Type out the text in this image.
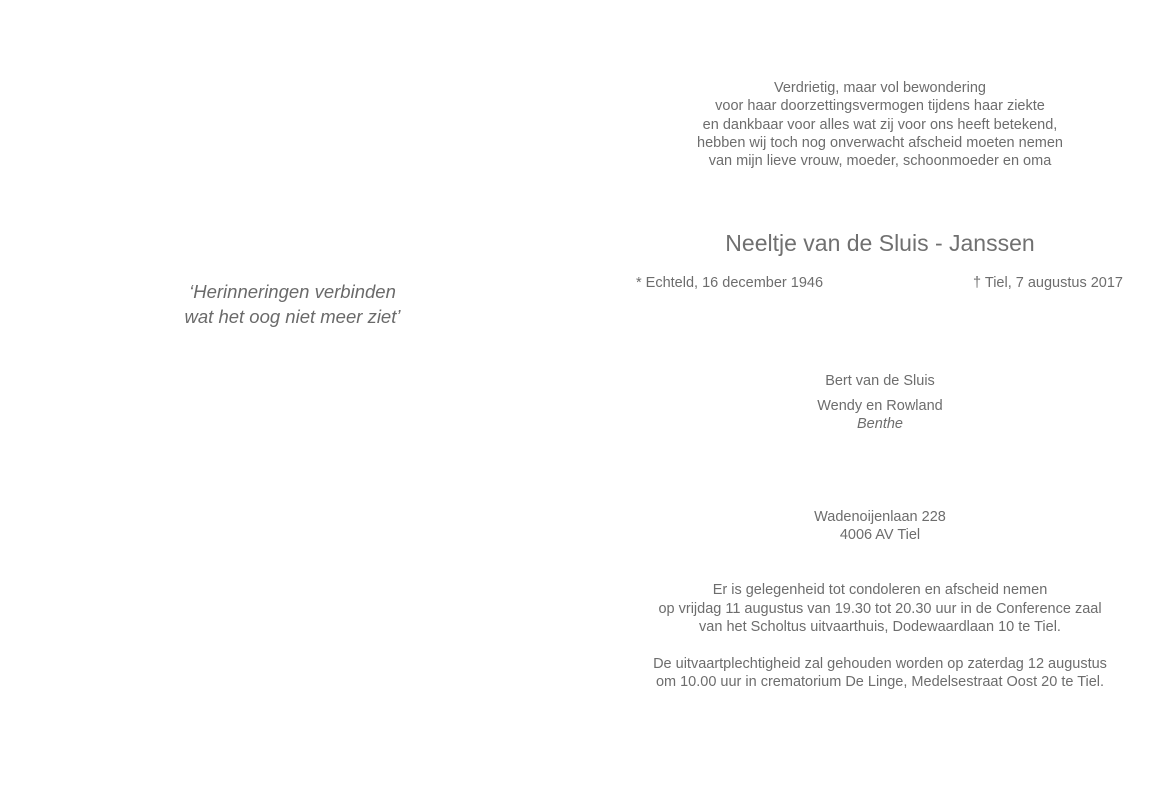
‘Herinneringen verbinden
wat het oog niet meer ziet’
Verdrietig, maar vol bewondering
voor haar doorzettingsvermogen tijdens haar ziekte
en dankbaar voor alles wat zij voor ons heeft betekend,
hebben wij toch nog onverwacht afscheid moeten nemen
van mijn lieve vrouw, moeder, schoonmoeder en oma
Neeltje van de Sluis - Janssen
* Echteld, 16 december 1946	† Tiel, 7 augustus 2017
Bert van de Sluis
Wendy en Rowland
Benthe
Wadenoijenlaan 228
4006 AV Tiel
Er is gelegenheid tot condoleren en afscheid nemen
op vrijdag 11 augustus van 19.30 tot 20.30 uur in de Conference zaal
van het Scholtus uitvaarthuis, Dodewaardlaan 10 te Tiel.
De uitvaartplechtigheid zal gehouden worden op zaterdag 12 augustus
om 10.00 uur in crematorium De Linge, Medelsestraat Oost 20 te Tiel.
